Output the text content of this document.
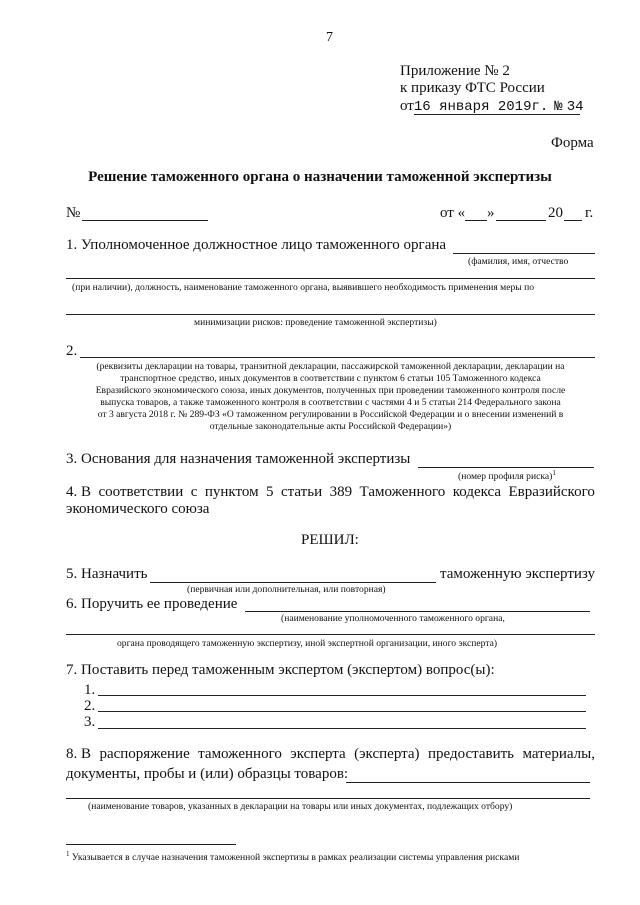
7
Приложение № 2
к приказу ФТС России
от16 января 2019г. № 34
Форма
Решение таможенного органа о назначении таможенной экспертизы
№	от « »	20 г.
1. Уполномоченное должностное лицо таможенного органа
(фамилия, имя, отчество
(при наличии), должность, наименование таможенного органа, выявившего необходимость применения меры по
минимизации рисков: проведение таможенной экспертизы)
2.
(реквизиты декларации на товары, транзитной декларации, пассажирской таможенной декларации, декларации на
транспортное средство, иных документов в соответствии с пунктом 6 статьи 105 Таможенного кодекса
Евразийского экономического союза, иных документов, полученных при проведении таможенного контроля после
выпуска товаров, а также таможенного контроля в соответствии с частями 4 и 5 статьи 214 Федерального закона
от 3 августа 2018 г. № 289-ФЗ «О таможенном регулировании в Российской Федерации и о внесении изменений в
отдельные законодательные акты Российской Федерации»)
3. Основания для назначения таможенной экспертизы
(номер профиля риска)$^1$
4. В соответствии с пунктом 5 статьи 389 Таможенного кодекса Евразийского
экономического союза
РЕШИЛ:
5. Назначить	таможенную экспертизу
(первичная или дополнительная, или повторная)
6. Поручить ее проведение
(наименование уполномоченного таможенного органа,
органа проводящего таможенную экспертизу, иной экспертной организации, иного эксперта)
7. Поставить перед таможенным экспертом (экспертом) вопрос(ы):
1.
2.
3.
8. В распоряжение таможенного эксперта (эксперта) предоставить материалы,
документы, пробы и (или) образцы товаров:
(наименование товаров, указанных в декларации на товары или иных документах, подлежащих отбору)
$^1$ Указывается в случае назначения таможенной экспертизы в рамках реализации системы управления рисками
